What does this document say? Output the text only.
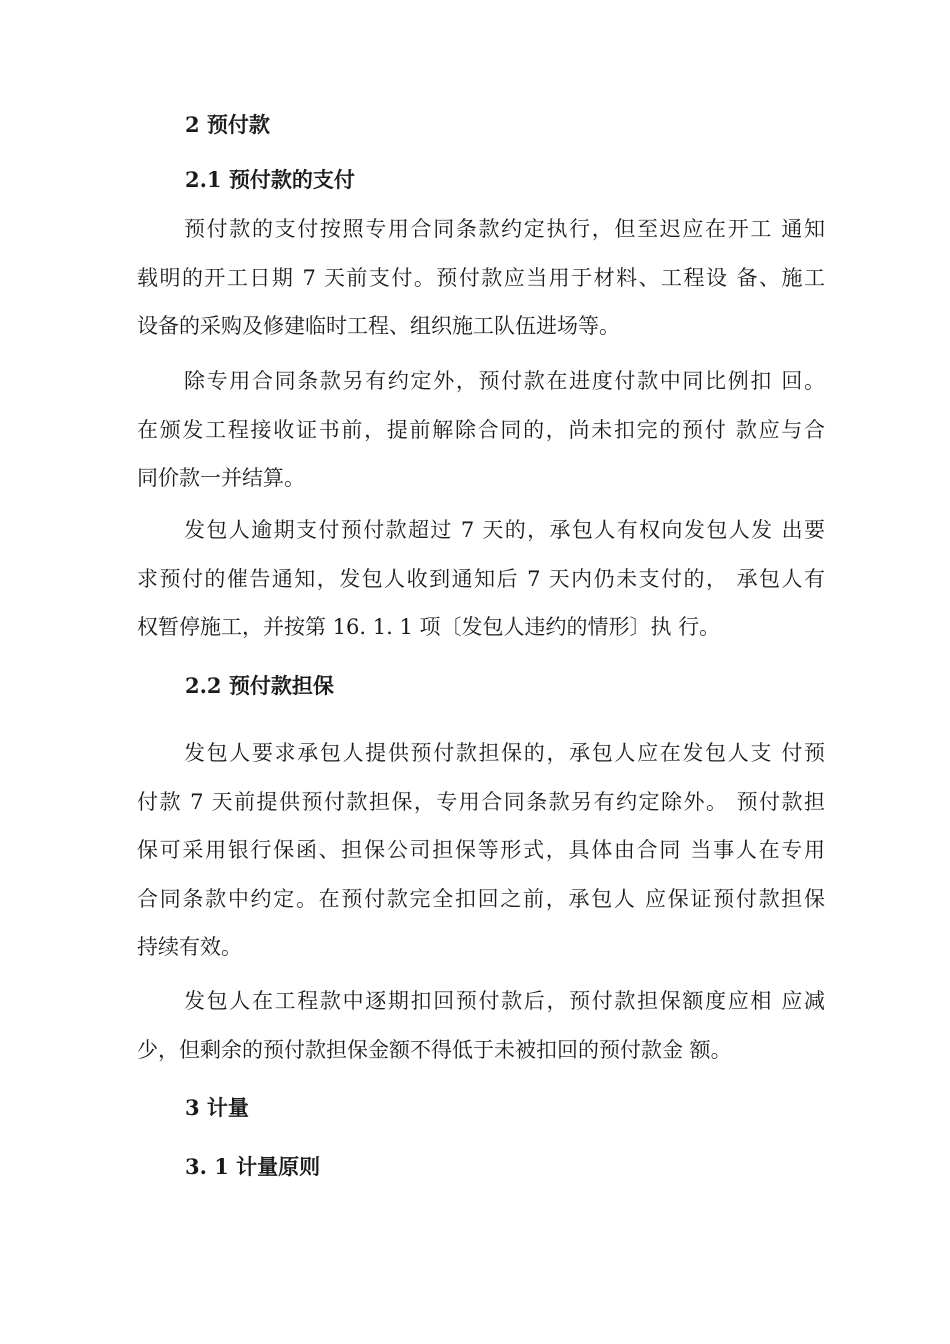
2 预付款
2.1 预付款的支付

预付款的支付按照专用合同条款约定执行，但至迟应在开工 通知
载明的开工日期 7 天前支付。预付款应当用于材料、工程设 备、施工
设备的采购及修建临时工程、组织施工队伍进场等。

除专用合同条款另有约定外，预付款在进度付款中同比例扣 回。
在颁发工程接收证书前，提前解除合同的，尚未扣完的预付 款应与合
同价款一并结算。

发包人逾期支付预付款超过 7 天的，承包人有权向发包人发 出要
求预付的催告通知，发包人收到通知后 7 天内仍未支付的， 承包人有
权暂停施工，并按第 16. 1. 1 项〔发包人违约的情形〕执 行。

2.2 预付款担保

发包人要求承包人提供预付款担保的，承包人应在发包人支 付预
付款 7 天前提供预付款担保，专用合同条款另有约定除外。 预付款担
保可采用银行保函、担保公司担保等形式，具体由合同 当事人在专用
合同条款中约定。在预付款完全扣回之前，承包人 应保证预付款担保
持续有效。

发包人在工程款中逐期扣回预付款后，预付款担保额度应相 应减
少，但剩余的预付款担保金额不得低于未被扣回的预付款金 额。

3 计量
3. 1 计量原则
